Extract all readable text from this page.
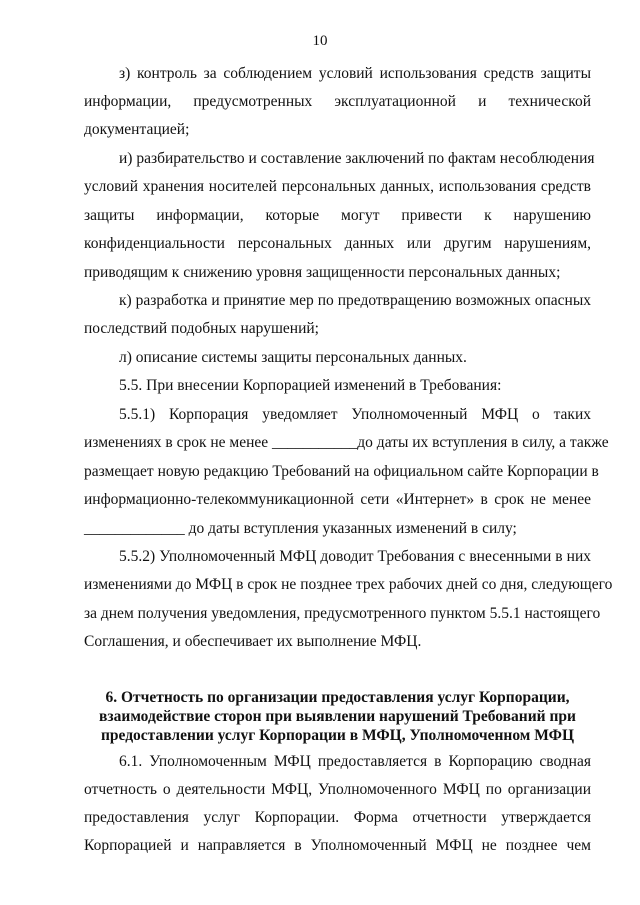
10
з) контроль за соблюдением условий использования средств защиты
информации, предусмотренных эксплуатационной и технической
документацией;
и) разбирательство и составление заключений по фактам несоблюдения
условий хранения носителей персональных данных, использования средств
защиты информации, которые могут привести к нарушению
конфиденциальности персональных данных или другим нарушениям,
приводящим к снижению уровня защищенности персональных данных;
к) разработка и принятие мер по предотвращению возможных опасных
последствий подобных нарушений;
л) описание системы защиты персональных данных.
5.5. При внесении Корпорацией изменений в Требования:
5.5.1) Корпорация уведомляет Уполномоченный МФЦ о таких
изменениях в срок не менее ___________до даты их вступления в силу, а также
размещает новую редакцию Требований на официальном сайте Корпорации в
информационно-телекоммуникационной сети «Интернет» в срок не менее
_____________ до даты вступления указанных изменений в силу;
5.5.2) Уполномоченный МФЦ доводит Требования с внесенными в них
изменениями до МФЦ в срок не позднее трех рабочих дней со дня, следующего
за днем получения уведомления, предусмотренного пунктом 5.5.1 настоящего
Соглашения, и обеспечивает их выполнение МФЦ.
6. Отчетность по организации предоставления услуг Корпорации,
взаимодействие сторон при выявлении нарушений Требований при
предоставлении услуг Корпорации в МФЦ, Уполномоченном МФЦ
6.1. Уполномоченным МФЦ предоставляется в Корпорацию сводная
отчетность о деятельности МФЦ, Уполномоченного МФЦ по организации
предоставления услуг Корпорации. Форма отчетности утверждается
Корпорацией и направляется в Уполномоченный МФЦ не позднее чем
